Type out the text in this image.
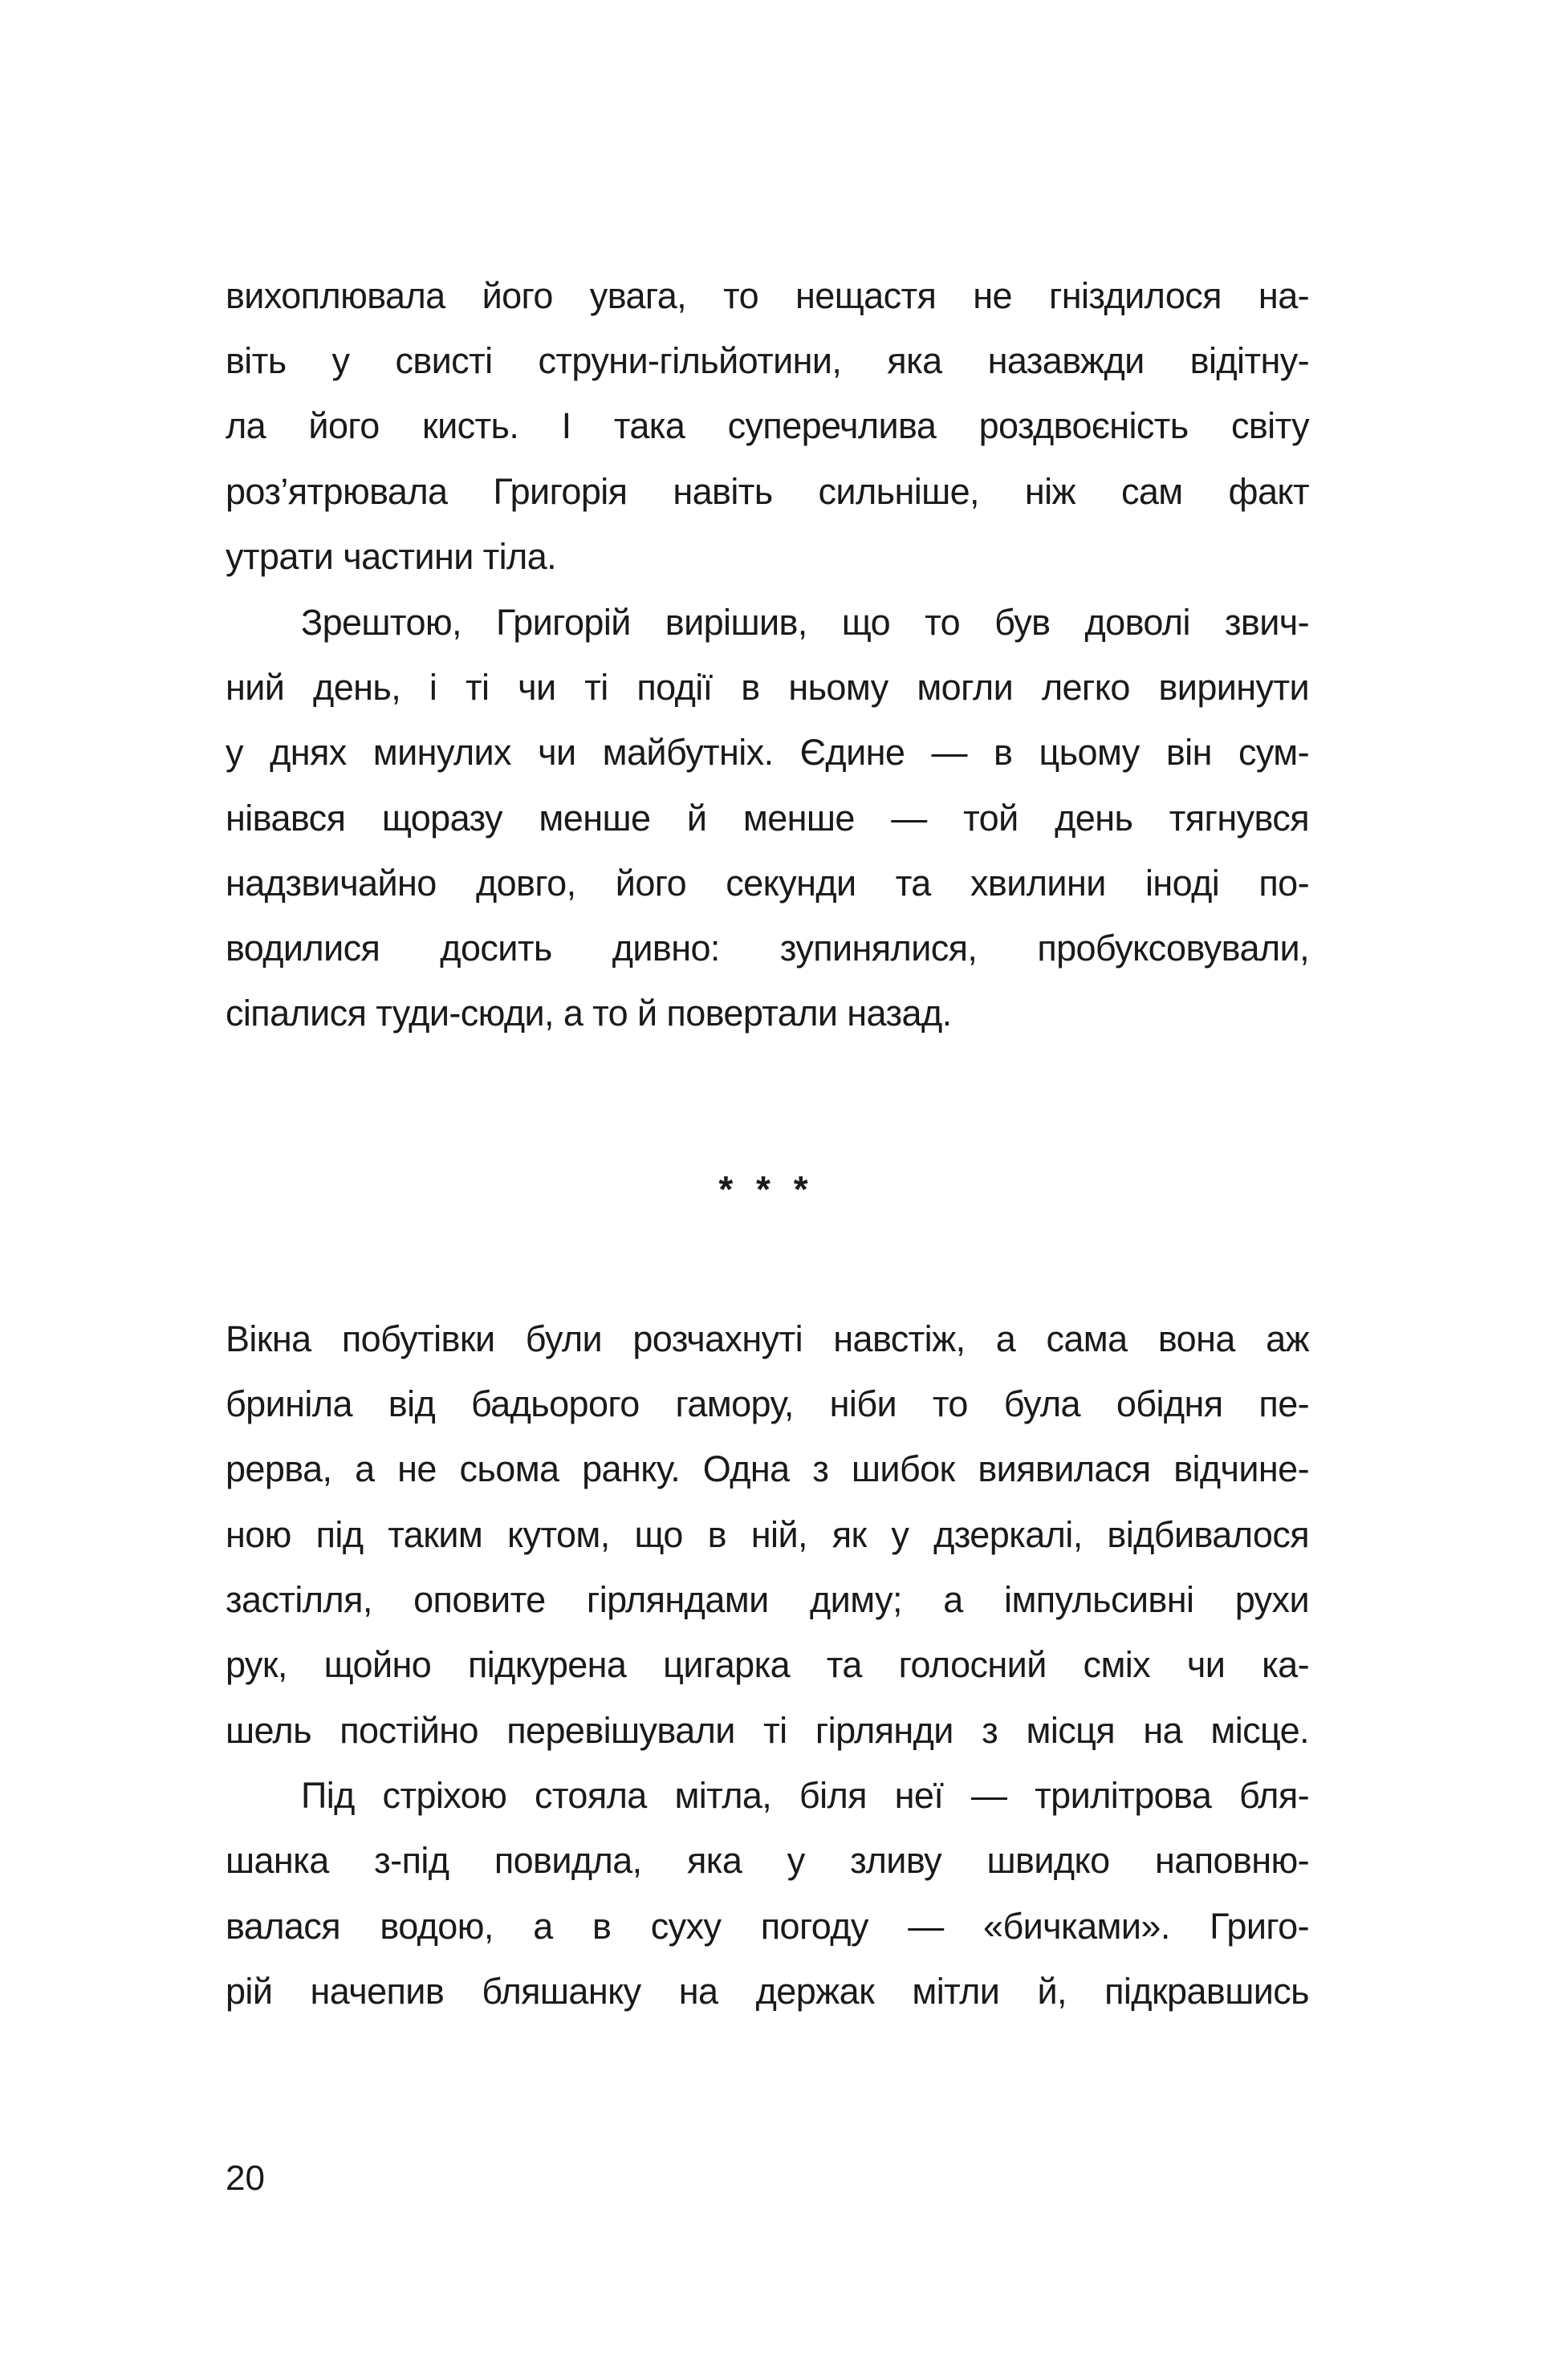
вихоплювала його увага, то нещастя не гніздилося на-
віть у свисті струни-гільйотини, яка назавжди відітну-
ла його кисть. І така суперечлива роздвоєність світу
роз’ятрювала Григорія навіть сильніше, ніж сам факт
утрати частини тіла.
Зрештою, Григорій вирішив, що то був доволі звич-
ний день, і ті чи ті події в ньому могли легко виринути
у днях минулих чи майбутніх. Єдине — в цьому він сум-
нівався щоразу менше й менше — той день тягнувся
надзвичайно довго, його секунди та хвилини іноді по-
водилися досить дивно: зупинялися, пробуксовували,
сіпалися туди-сюди, а то й повертали назад.
* * *
Вікна побутівки були розчахнуті навстіж, а сама вона аж
бриніла від бадьорого гамору, ніби то була обідня пе-
рерва, а не сьома ранку. Одна з шибок виявилася відчине-
ною під таким кутом, що в ній, як у дзеркалі, відбивалося
застілля, оповите гірляндами диму; а імпульсивні рухи
рук, щойно підкурена цигарка та голосний сміх чи ка-
шель постійно перевішували ті гірлянди з місця на місце.
Під стріхою стояла мітла, біля неї — трилітрова бля-
шанка з-під повидла, яка у зливу швидко наповню-
валася водою, а в суху погоду — «бичками». Григо-
рій начепив бляшанку на держак мітли й, підкравшись
20
